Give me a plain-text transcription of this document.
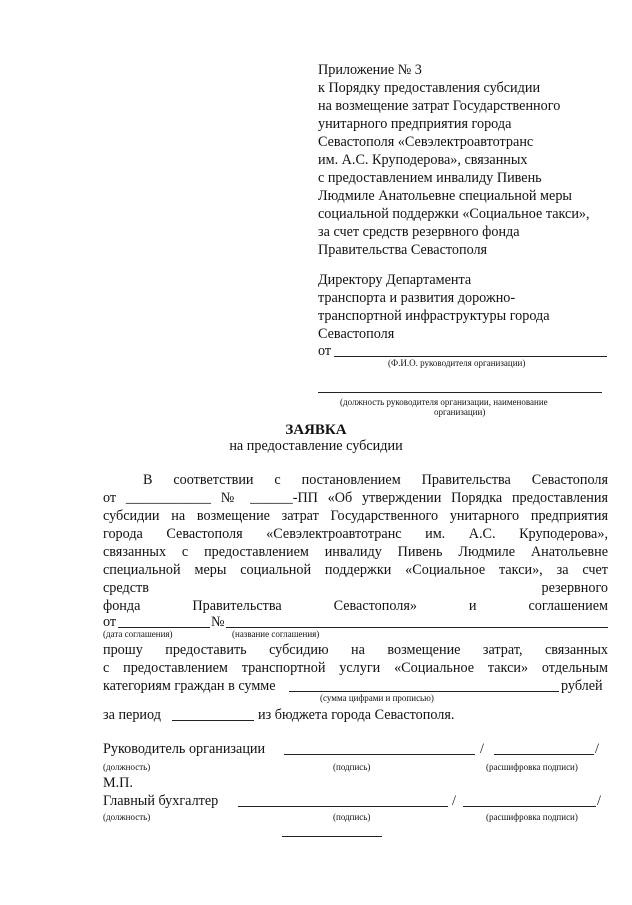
Приложение № 3
к Порядку предоставления субсидии
на возмещение затрат Государственного
унитарного предприятия города
Севастополя «Севэлектроавтотранс
им. А.С. Круподерова», связанных
с предоставлением инвалиду Пивень
Людмиле Анатольевне специальной меры
социальной поддержки «Социальное такси»,
за счет средств резервного фонда
Правительства Севастополя
Директору Департамента
транспорта и развития дорожно-
транспортной инфраструктуры города
Севастополя
от
(Ф.И.О. руководителя организации)
(должность руководителя организации, наименование
организации)
ЗАЯВКА
на предоставление субсидии
В соответствии с постановлением Правительства Севастополя
от ____________ № ______-ПП «Об утверждении Порядка предоставления
субсидии на возмещение затрат Государственного унитарного предприятия
города Севастополя «Севэлектроавтотранс им. А.С. Круподерова»,
связанных с предоставлением инвалиду Пивень Людмиле Анатольевне
специальной меры социальной поддержки «Социальное такси», за счет
средств резервного
фонда Правительства Севастополя» и соглашением
от	№
(дата соглашения)	(название соглашения)
прошу предоставить субсидию на возмещение затрат, связанных
с предоставлением транспортной услуги «Социальное такси» отдельным
категориям граждан в сумме	рублей
(сумма цифрами и прописью)
за период	из бюджета города Севастополя.
Руководитель организации	/	/
(должность)	(подпись)	(расшифровка подписи)
М.П.
Главный бухгалтер	/	/
(должность)	(подпись)	(расшифровка подписи)
